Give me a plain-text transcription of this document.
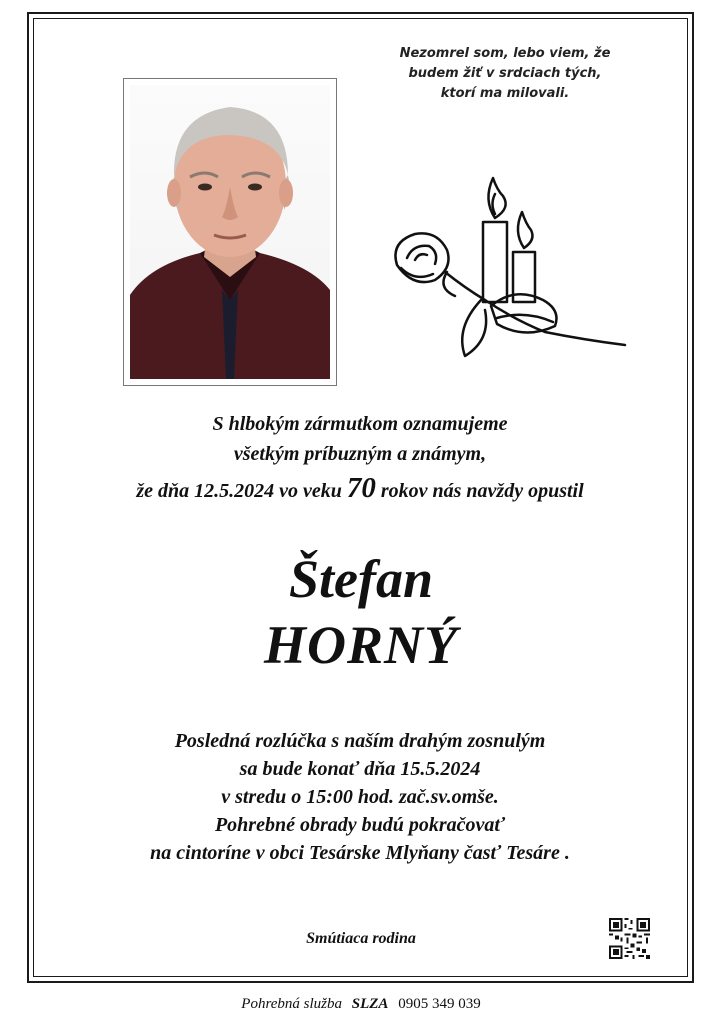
Nezomrel som, lebo viem, že
budem žiť v srdciach tých,
ktorí ma milovali.
S hlbokým zármutkom oznamujeme
všetkým príbuzným a známym,
že dňa 12.5.2024 vo veku 70 rokov nás navždy opustil
Štefan
HORNÝ
Posledná rozlúčka s naším drahým zosnulým
sa bude konať dňa 15.5.2024
v stredu o 15:00 hod. zač.sv.omše.
Pohrebné obrady budú pokračovať
na cintoríne v obci Tesárske Mlyňany časť Tesáre .
Smútiaca rodina
Pohrebná služba SLZA 0905 349 039
